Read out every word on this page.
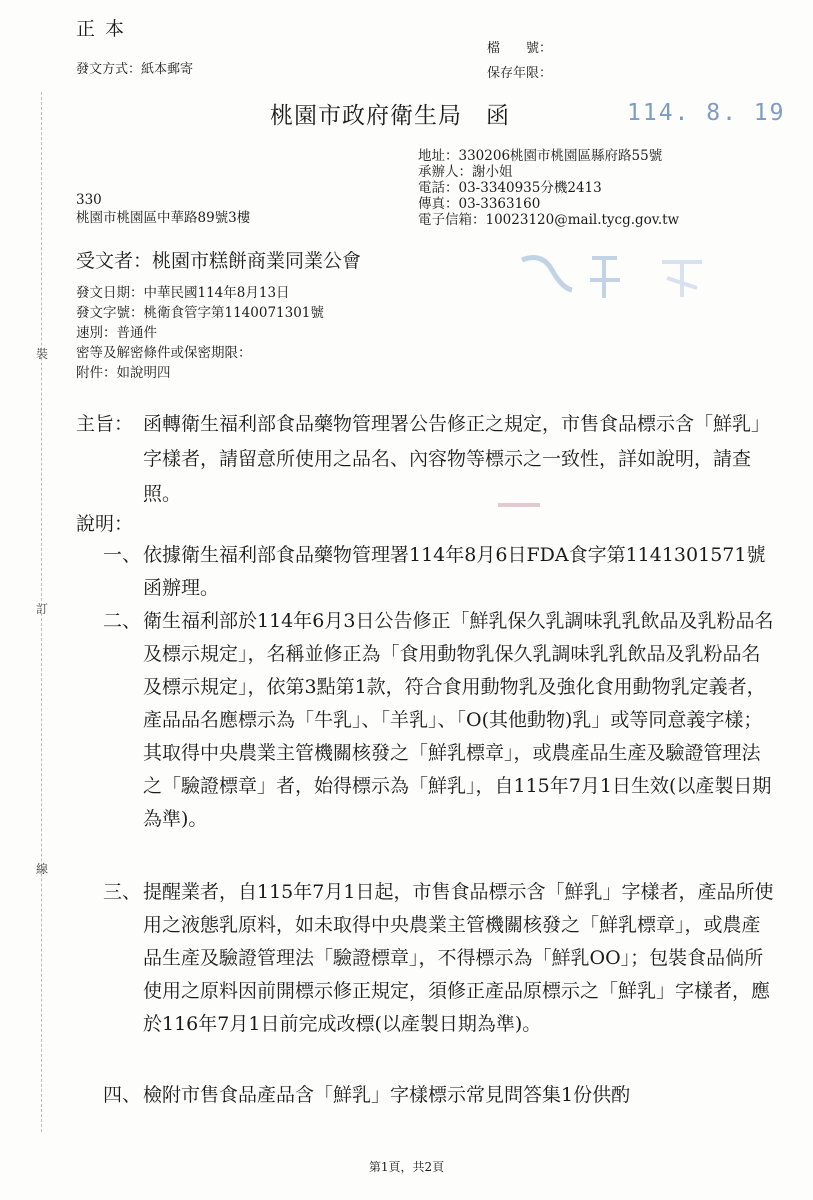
裝
訂
線
正本
發文方式：紙本郵寄
檔　　號：
保存年限：
桃園市政府衛生局　函	114. 8. 19
地址：330206桃園市桃園區縣府路55號
承辦人：謝小姐
電話：03-3340935分機2413
傳真：03-3363160
電子信箱：10023120@mail.tycg.gov.tw
330
桃園市桃園區中華路89號3樓
受文者：桃園市糕餅商業同業公會
發文日期：中華民國114年8月13日
發文字號：桃衛食管字第1140071301號
速別：普通件
密等及解密條件或保密期限：
附件：如說明四
主旨： 函轉衛生福利部食品藥物管理署公告修正之規定，市售食品標示含「鮮乳」字樣者，請留意所使用之品名、內容物等標示之一致性，詳如說明，請查照。
說明：
一、 依據衛生福利部食品藥物管理署114年8月6日FDA食字第1141301571號函辦理。
二、 衛生福利部於114年6月3日公告修正「鮮乳保久乳調味乳乳飲品及乳粉品名及標示規定」，名稱並修正為「食用動物乳保久乳調味乳乳飲品及乳粉品名及標示規定」，依第3點第1款，符合食用動物乳及強化食用動物乳定義者，產品品名應標示為「牛乳」、「羊乳」、「O(其他動物)乳」或等同意義字樣；其取得中央農業主管機關核發之「鮮乳標章」，或農產品生產及驗證管理法之「驗證標章」者，始得標示為「鮮乳」，自115年7月1日生效(以產製日期為準)。
三、 提醒業者，自115年7月1日起，市售食品標示含「鮮乳」字樣者，產品所使用之液態乳原料，如未取得中央農業主管機關核發之「鮮乳標章」，或農產品生產及驗證管理法「驗證標章」，不得標示為「鮮乳OO」；包裝食品倘所使用之原料因前開標示修正規定，須修正產品原標示之「鮮乳」字樣者，應於116年7月1日前完成改標(以產製日期為準)。
四、 檢附市售食品產品含「鮮乳」字樣標示常見問答集1份供酌
第1頁，共2頁
